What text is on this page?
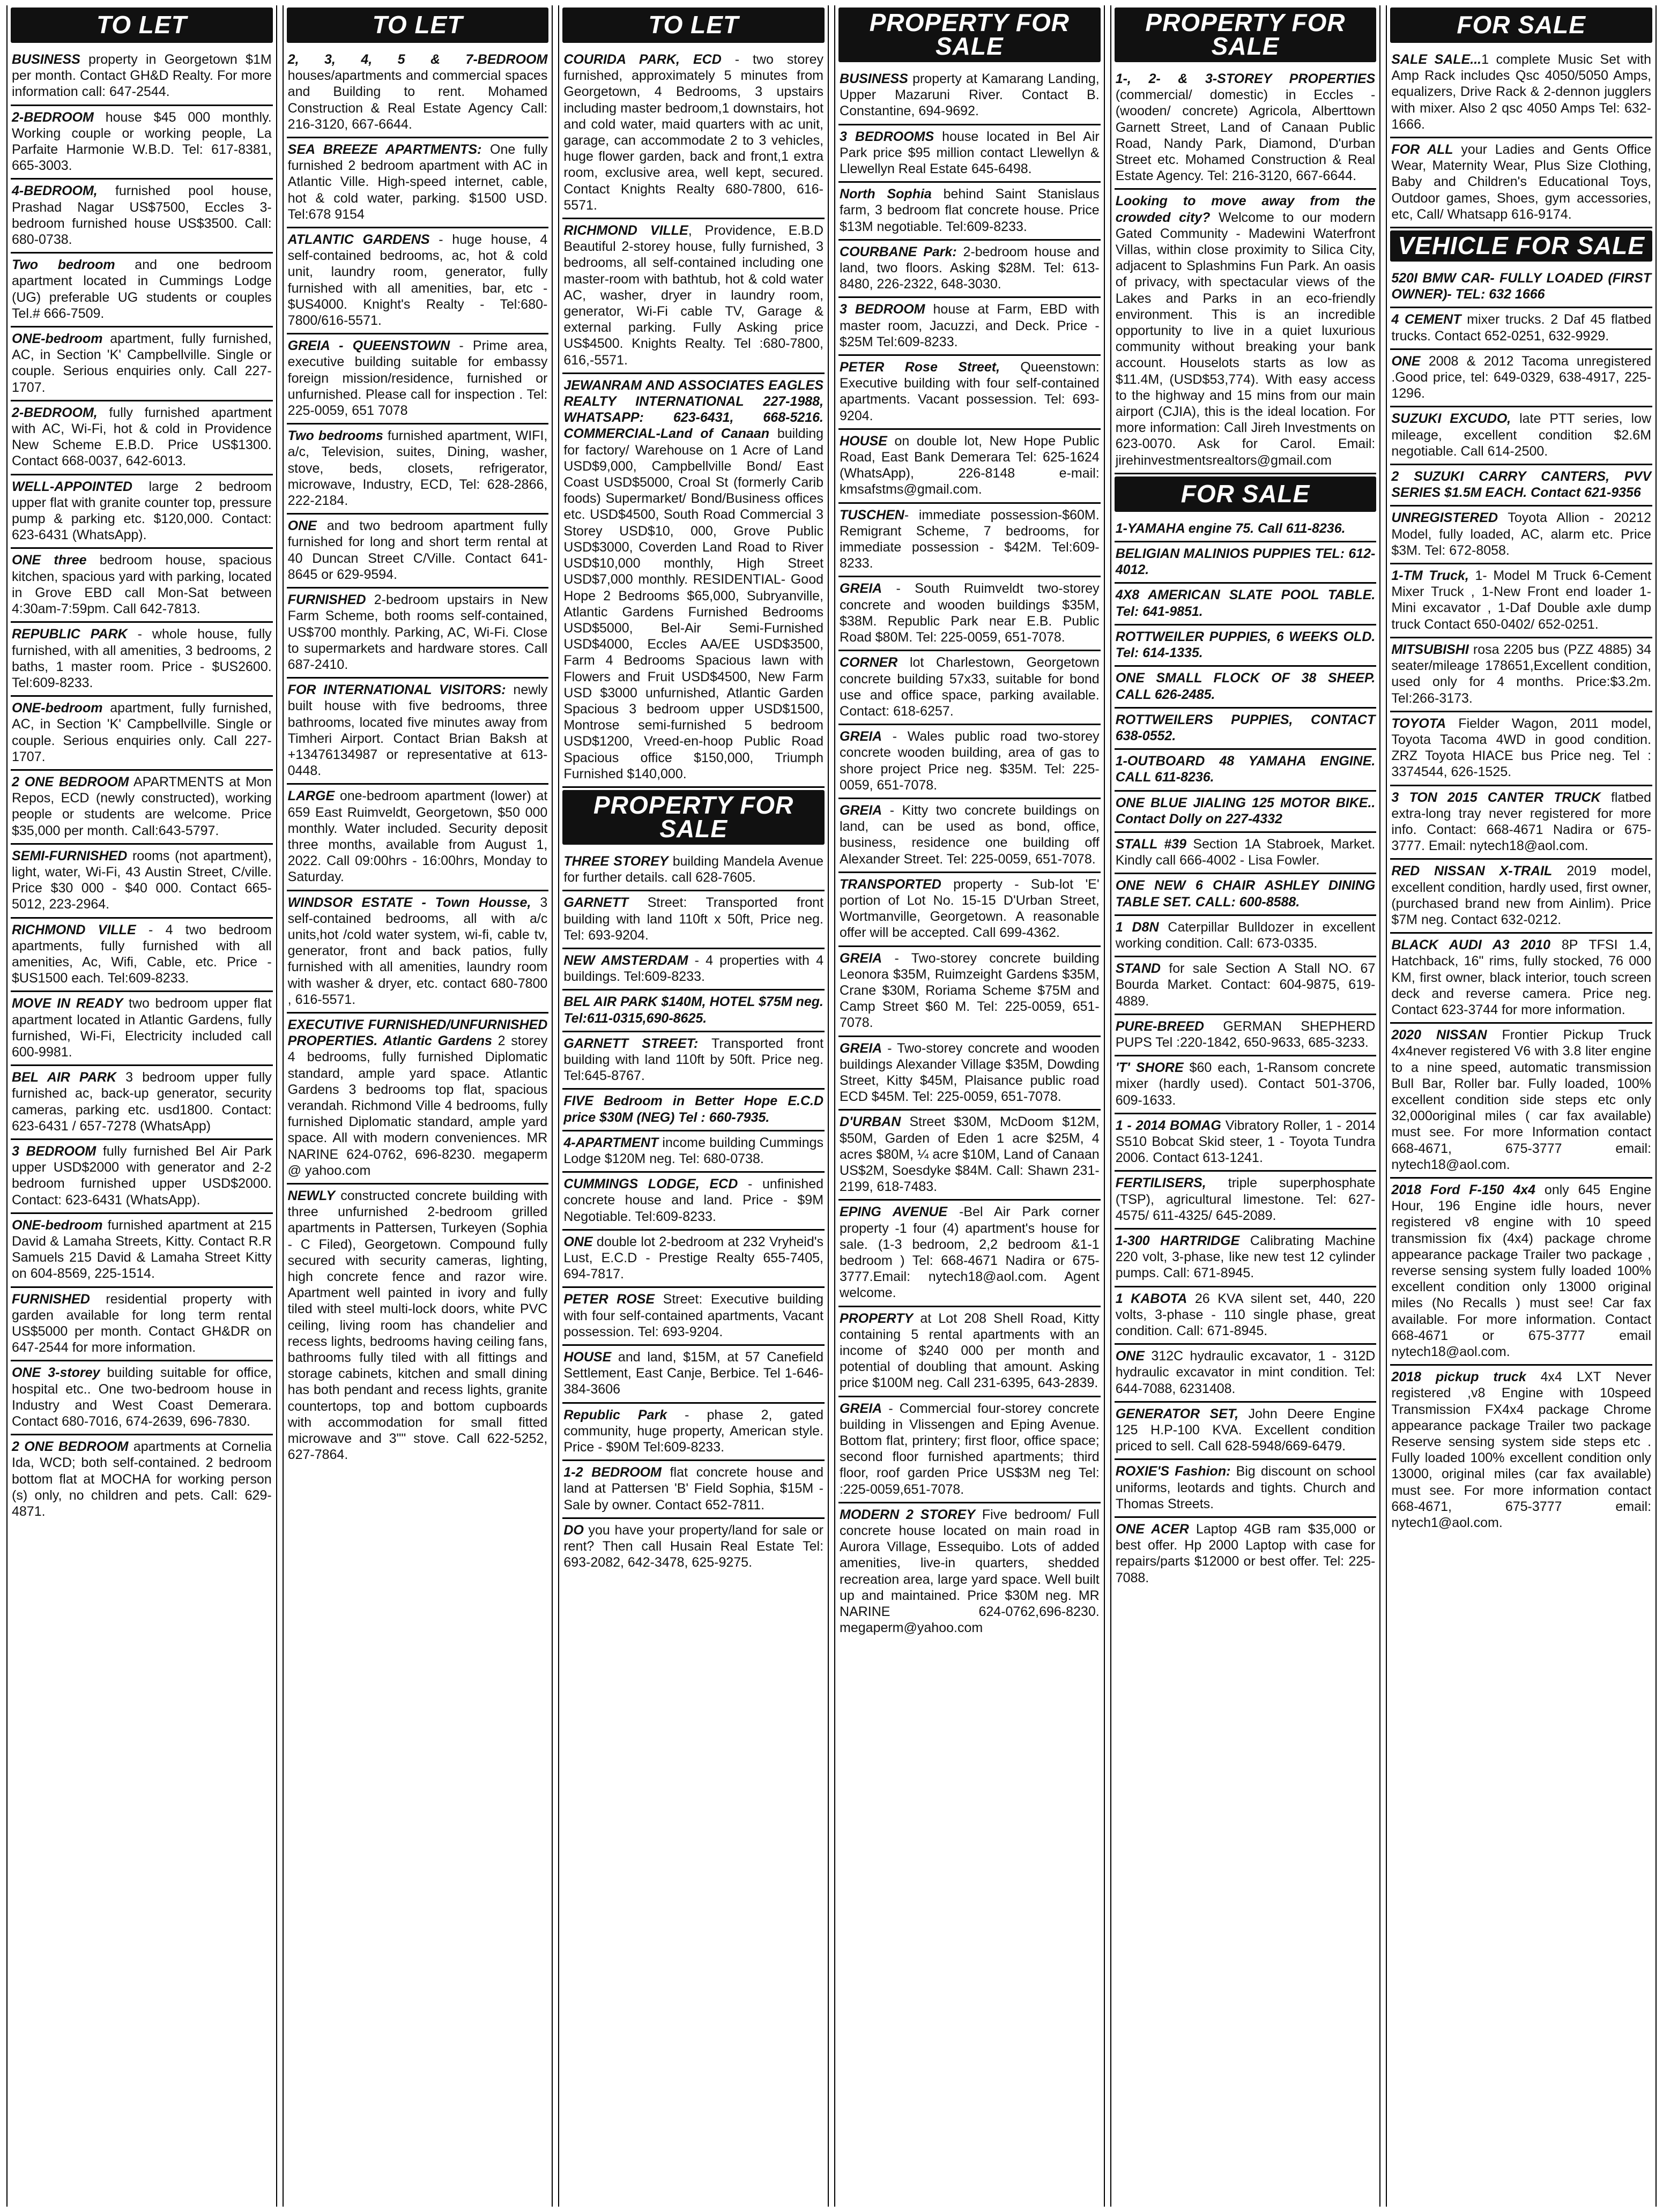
TO LET
BUSINESS property in Georgetown $1M per month. Contact GH&D Realty. For more information call: 647-2544.
2-BEDROOM house $45 000 monthly. Working couple or working people, La Parfaite Harmonie W.B.D. Tel: 617-8381, 665-3003.
4-BEDROOM, furnished pool house, Prashad Nagar US$7500, Eccles 3-bedroom furnished house US$3500. Call: 680-0738.
Two bedroom and one bedroom apartment located in Cummings Lodge (UG) preferable UG students or couples Tel.# 666-7509.
ONE-bedroom apartment, fully furnished, AC, in Section 'K' Campbellville. Single or couple. Serious enquiries only. Call 227-1707.
2-BEDROOM, fully furnished apartment with AC, Wi-Fi, hot & cold in Providence New Scheme E.B.D. Price US$1300. Contact 668-0037, 642-6013.
WELL-APPOINTED large 2 bedroom upper flat with granite counter top, pressure pump & parking etc. $120,000. Contact: 623-6431 (WhatsApp).
ONE three bedroom house, spacious kitchen, spacious yard with parking, located in Grove EBD call Mon-Sat between 4:30am-7:59pm. Call 642-7813.
REPUBLIC PARK - whole house, fully furnished, with all amenities, 3 bedrooms, 2 baths, 1 master room. Price - $US2600. Tel:609-8233.
ONE-bedroom apartment, fully furnished, AC, in Section 'K' Campbellville. Single or couple. Serious enquiries only. Call 227-1707.
2 ONE BEDROOM APARTMENTS at Mon Repos, ECD (newly constructed), working people or students are welcome. Price $35,000 per month. Call:643-5797.
SEMI-FURNISHED rooms (not apartment), light, water, Wi-Fi, 43 Austin Street, C/ville. Price $30 000 - $40 000. Contact 665-5012, 223-2964.
RICHMOND VILLE - 4 two bedroom apartments, fully furnished with all amenities, Ac, Wifi, Cable, etc. Price - $US1500 each. Tel:609-8233.
MOVE IN READY two bedroom upper flat apartment located in Atlantic Gardens, fully furnished, Wi-Fi, Electricity included call 600-9981.
BEL AIR PARK 3 bedroom upper fully furnished ac, back-up generator, security cameras, parking etc. usd1800. Contact: 623-6431 / 657-7278 (WhatsApp)
3 BEDROOM fully furnished Bel Air Park upper USD$2000 with generator and 2-2 bedroom furnished upper USD$2000. Contact: 623-6431 (WhatsApp).
ONE-bedroom furnished apartment at 215 David & Lamaha Streets, Kitty. Contact R.R Samuels 215 David & Lamaha Street Kitty on 604-8569, 225-1514.
FURNISHED residential property with garden available for long term rental US$5000 per month. Contact GH&DR on 647-2544 for more information.
ONE 3-storey building suitable for office, hospital etc.. One two-bedroom house in Industry and West Coast Demerara. Contact 680-7016, 674-2639, 696-7830.
2 ONE BEDROOM apartments at Cornelia Ida, WCD; both self-contained. 2 bedroom bottom flat at MOCHA for working person (s) only, no children and pets. Call: 629-4871.
TO LET
2, 3, 4, 5 & 7-BEDROOM houses/apartments and commercial spaces and Building to rent. Mohamed Construction & Real Estate Agency Call: 216-3120, 667-6644.
SEA BREEZE APARTMENTS: One fully furnished 2 bedroom apartment with AC in Atlantic Ville. High-speed internet, cable, hot & cold water, parking. $1500 USD. Tel:678 9154
ATLANTIC GARDENS - huge house, 4 self-contained bedrooms, ac, hot & cold unit, laundry room, generator, fully furnished with all amenities, bar, etc - $US4000. Knight's Realty - Tel:680-7800/616-5571.
GREIA - QUEENSTOWN - Prime area, executive building suitable for embassy foreign mission/residence, furnished or unfurnished. Please call for inspection . Tel: 225-0059, 651 7078
Two bedrooms furnished apartment, WIFI, a/c, Television, suites, Dining, washer, stove, beds, closets, refrigerator, microwave, Industry, ECD, Tel: 628-2866, 222-2184.
ONE and two bedroom apartment fully furnished for long and short term rental at 40 Duncan Street C/Ville. Contact 641-8645 or 629-9594.
FURNISHED 2-bedroom upstairs in New Farm Scheme, both rooms self-contained, US$700 monthly. Parking, AC, Wi-Fi. Close to supermarkets and hardware stores. Call 687-2410.
FOR INTERNATIONAL VISITORS: newly built house with five bedrooms, three bathrooms, located five minutes away from Timheri Airport. Contact Brian Baksh at +13476134987 or representative at 613-0448.
LARGE one-bedroom apartment (lower) at 659 East Ruimveldt, Georgetown, $50 000 monthly. Water included. Security deposit three months, available from August 1, 2022. Call 09:00hrs - 16:00hrs, Monday to Saturday.
WINDSOR ESTATE - Town Housse, 3 self-contained bedrooms, all with a/c units,hot /cold water system, wi-fi, cable tv, generator, front and back patios, fully furnished with all amenities, laundry room with washer & dryer, etc. contact 680-7800 , 616-5571.
EXECUTIVE FURNISHED/UNFURNISHED PROPERTIES. Atlantic Gardens 2 storey 4 bedrooms, fully furnished Diplomatic standard, ample yard space. Atlantic Gardens 3 bedrooms top flat, spacious verandah. Richmond Ville 4 bedrooms, fully furnished Diplomatic standard, ample yard space. All with modern conveniences. MR NARINE 624-0762, 696-8230. megaperm @ yahoo.com
NEWLY constructed concrete building with three unfurnished 2-bedroom grilled apartments in Pattersen, Turkeyen (Sophia - C Filed), Georgetown. Compound fully secured with security cameras, lighting, high concrete fence and razor wire. Apartment well painted in ivory and fully tiled with steel multi-lock doors, white PVC ceiling, living room has chandelier and recess lights, bedrooms having ceiling fans, bathrooms fully tiled with all fittings and storage cabinets, kitchen and small dining has both pendant and recess lights, granite countertops, top and bottom cupboards with accommodation for small fitted microwave and 3"" stove. Call 622-5252, 627-7864.
TO LET
COURIDA PARK, ECD - two storey furnished, approximately 5 minutes from Georgetown, 4 Bedrooms, 3 upstairs including master bedroom,1 downstairs, hot and cold water, maid quarters with ac unit, garage, can accommodate 2 to 3 vehicles, huge flower garden, back and front,1 extra room, exclusive area, well kept, secured. Contact Knights Realty 680-7800, 616-5571.
RICHMOND VILLE, Providence, E.B.D Beautiful 2-storey house, fully furnished, 3 bedrooms, all self-contained including one master-room with bathtub, hot & cold water AC, washer, dryer in laundry room, generator, Wi-Fi cable TV, Garage & external parking. Fully Asking price US$4500. Knights Realty. Tel :680-7800, 616,-5571.
JEWANRAM AND ASSOCIATES EAGLES REALTY INTERNATIONAL 227-1988, WHATSAPP: 623-6431, 668-5216. COMMERCIAL-Land of Canaan building for factory/ Warehouse on 1 Acre of Land USD$9,000, Campbellville Bond/ East Coast USD$5000, Croal St (formerly Carib foods) Supermarket/ Bond/Business offices etc. USD$4500, South Road Commercial 3 Storey USD$10, 000, Grove Public USD$3000, Coverden Land Road to River USD$10,000 monthly, High Street USD$7,000 monthly. RESIDENTIAL- Good Hope 2 Bedrooms $65,000, Subryanville, Atlantic Gardens Furnished Bedrooms USD$5000, Bel-Air Semi-Furnished USD$4000, Eccles AA/EE USD$3500, Farm 4 Bedrooms Spacious lawn with Flowers and Fruit USD$4500, New Farm USD $3000 unfurnished, Atlantic Garden Spacious 3 bedroom upper USD$1500, Montrose semi-furnished 5 bedroom USD$1200, Vreed-en-hoop Public Road Spacious office $150,000, Triumph Furnished $140,000.
PROPERTY FOR SALE
THREE STOREY building Mandela Avenue for further details. call 628-7605.
GARNETT Street: Transported front building with land 110ft x 50ft, Price neg. Tel: 693-9204.
NEW AMSTERDAM - 4 properties with 4 buildings. Tel:609-8233.
BEL AIR PARK $140M, HOTEL $75M neg. Tel:611-0315,690-8625.
GARNETT STREET: Transported front building with land 110ft by 50ft. Price neg. Tel:645-8767.
FIVE Bedroom in Better Hope E.C.D price $30M (NEG) Tel : 660-7935.
4-APARTMENT income building Cummings Lodge $120M neg. Tel: 680-0738.
CUMMINGS LODGE, ECD - unfinished concrete house and land. Price - $9M Negotiable. Tel:609-8233.
ONE double lot 2-bedroom at 232 Vryheid's Lust, E.C.D - Prestige Realty 655-7405, 694-7817.
PETER ROSE Street: Executive building with four self-contained apartments, Vacant possession. Tel: 693-9204.
HOUSE and land, $15M, at 57 Canefield Settlement, East Canje, Berbice. Tel 1-646-384-3606
Republic Park - phase 2, gated community, huge property, American style. Price - $90M Tel:609-8233.
1-2 BEDROOM flat concrete house and land at Pattersen 'B' Field Sophia, $15M - Sale by owner. Contact 652-7811.
DO you have your property/land for sale or rent? Then call Husain Real Estate Tel: 693-2082, 642-3478, 625-9275.
PROPERTY FOR SALE
BUSINESS property at Kamarang Landing, Upper Mazaruni River. Contact B. Constantine, 694-9692.
3 BEDROOMS house located in Bel Air Park price $95 million contact Llewellyn & Llewellyn Real Estate 645-6498.
North Sophia behind Saint Stanislaus farm, 3 bedroom flat concrete house. Price $13M negotiable. Tel:609-8233.
COURBANE Park: 2-bedroom house and land, two floors. Asking $28M. Tel: 613-8480, 226-2322, 648-3030.
3 BEDROOM house at Farm, EBD with master room, Jacuzzi, and Deck. Price - $25M Tel:609-8233.
PETER Rose Street, Queenstown: Executive building with four self-contained apartments. Vacant possession. Tel: 693-9204.
HOUSE on double lot, New Hope Public Road, East Bank Demerara Tel: 625-1624 (WhatsApp), 226-8148 e-mail: kmsafstms@gmail.com.
TUSCHEN- immediate possession-$60M. Remigrant Scheme, 7 bedrooms, for immediate possession - $42M. Tel:609-8233.
GREIA - South Ruimveldt two-storey concrete and wooden buildings $35M, $38M. Republic Park near E.B. Public Road $80M. Tel: 225-0059, 651-7078.
CORNER lot Charlestown, Georgetown concrete building 57x33, suitable for bond use and office space, parking available. Contact: 618-6257.
GREIA - Wales public road two-storey concrete wooden building, area of gas to shore project Price neg. $35M. Tel: 225-0059, 651-7078.
GREIA - Kitty two concrete buildings on land, can be used as bond, office, business, residence one building off Alexander Street. Tel: 225-0059, 651-7078.
TRANSPORTED property - Sub-lot 'E' portion of Lot No. 15-15 D'Urban Street, Wortmanville, Georgetown. A reasonable offer will be accepted. Call 699-4362.
GREIA - Two-storey concrete building Leonora $35M, Ruimzeight Gardens $35M, Crane $30M, Roriama Scheme $75M and Camp Street $60 M. Tel: 225-0059, 651-7078.
GREIA - Two-storey concrete and wooden buildings Alexander Village $35M, Dowding Street, Kitty $45M, Plaisance public road ECD $45M. Tel: 225-0059, 651-7078.
D'URBAN Street $30M, McDoom $12M, $50M, Garden of Eden 1 acre $25M, 4 acres $80M, ¼ acre $10M, Land of Canaan US$2M, Soesdyke $84M. Call: Shawn 231-2199, 618-7483.
EPING AVENUE -Bel Air Park corner property -1 four (4) apartment's house for sale. (1-3 bedroom, 2,2 bedroom &1-1 bedroom ) Tel: 668-4671 Nadira or 675-3777.Email: nytech18@aol.com. Agent welcome.
PROPERTY at Lot 208 Shell Road, Kitty containing 5 rental apartments with an income of $240 000 per month and potential of doubling that amount. Asking price $100M neg. Call 231-6395, 643-2839.
GREIA - Commercial four-storey concrete building in Vlissengen and Eping Avenue. Bottom flat, printery; first floor, office space; second floor furnished apartments; third floor, roof garden Price US$3M neg Tel: :225-0059,651-7078.
MODERN 2 STOREY Five bedroom/ Full concrete house located on main road in Aurora Village, Essequibo. Lots of added amenities, live-in quarters, shedded recreation area, large yard space. Well built up and maintained. Price $30M neg. MR NARINE 624-0762,696-8230. megaperm@yahoo.com
PROPERTY FOR SALE
1-, 2- & 3-STOREY PROPERTIES (commercial/ domestic) in Eccles - (wooden/ concrete) Agricola, Alberttown Garnett Street, Land of Canaan Public Road, Nandy Park, Diamond, D'urban Street etc. Mohamed Construction & Real Estate Agency. Tel: 216-3120, 667-6644.
Looking to move away from the crowded city? Welcome to our modern Gated Community - Madewini Waterfront Villas, within close proximity to Silica City, adjacent to Splashmins Fun Park. An oasis of privacy, with spectacular views of the Lakes and Parks in an eco-friendly environment. This is an incredible opportunity to live in a quiet luxurious community without breaking your bank account. Houselots starts as low as $11.4M, (USD$53,774). With easy access to the highway and 15 mins from our main airport (CJIA), this is the ideal location. For more information: Call Jireh Investments on 623-0070. Ask for Carol. Email: jirehinvestmentsrealtors@gmail.com
FOR SALE
1-YAMAHA engine 75. Call 611-8236.
BELIGIAN MALINIOS PUPPIES TEL: 612-4012.
4X8 AMERICAN SLATE POOL TABLE. Tel: 641-9851.
ROTTWEILER PUPPIES, 6 WEEKS OLD. Tel: 614-1335.
ONE SMALL FLOCK OF 38 SHEEP. CALL 626-2485.
ROTTWEILERS PUPPIES, CONTACT 638-0552.
1-OUTBOARD 48 YAMAHA ENGINE. CALL 611-8236.
ONE BLUE JIALING 125 MOTOR BIKE.. Contact Dolly on 227-4332
STALL #39 Section 1A Stabroek, Market. Kindly call 666-4002 - Lisa Fowler.
ONE NEW 6 CHAIR ASHLEY DINING TABLE SET. CALL: 600-8588.
1 D8N Caterpillar Bulldozer in excellent working condition. Call: 673-0335.
STAND for sale Section A Stall NO. 67 Bourda Market. Contact: 604-9875, 619-4889.
PURE-BREED GERMAN SHEPHERD PUPS Tel :220-1842, 650-9633, 685-3233.
'T' SHORE $60 each, 1-Ransom concrete mixer (hardly used). Contact 501-3706, 609-1633.
1 - 2014 BOMAG Vibratory Roller, 1 - 2014 S510 Bobcat Skid steer, 1 - Toyota Tundra 2006. Contact 613-1241.
FERTILISERS, triple superphosphate (TSP), agricultural limestone. Tel: 627-4575/ 611-4325/ 645-2089.
1-300 HARTRIDGE Calibrating Machine 220 volt, 3-phase, like new test 12 cylinder pumps. Call: 671-8945.
1 KABOTA 26 KVA silent set, 440, 220 volts, 3-phase - 110 single phase, great condition. Call: 671-8945.
ONE 312C hydraulic excavator, 1 - 312D hydraulic excavator in mint condition. Tel: 644-7088, 6231408.
GENERATOR SET, John Deere Engine 125 H.P-100 KVA. Excellent condition priced to sell. Call 628-5948/669-6479.
ROXIE'S Fashion: Big discount on school uniforms, leotards and tights. Church and Thomas Streets.
ONE ACER Laptop 4GB ram $35,000 or best offer. Hp 2000 Laptop with case for repairs/parts $12000 or best offer. Tel: 225-7088.
FOR SALE
SALE SALE...1 complete Music Set with Amp Rack includes Qsc 4050/5050 Amps, equalizers, Drive Rack & 2-dennon jugglers with mixer. Also 2 qsc 4050 Amps Tel: 632-1666.
FOR ALL your Ladies and Gents Office Wear, Maternity Wear, Plus Size Clothing, Baby and Children's Educational Toys, Outdoor games, Shoes, gym accessories, etc, Call/ Whatsapp 616-9174.
VEHICLE FOR SALE
520I BMW CAR- FULLY LOADED (FIRST OWNER)- TEL: 632 1666
4 CEMENT mixer trucks. 2 Daf 45 flatbed trucks. Contact 652-0251, 632-9929.
ONE 2008 & 2012 Tacoma unregistered .Good price, tel: 649-0329, 638-4917, 225-1296.
SUZUKI EXCUDO, late PTT series, low mileage, excellent condition $2.6M negotiable. Call 614-2500.
2 SUZUKI CARRY CANTERS, PVV SERIES $1.5M EACH. Contact 621-9356
UNREGISTERED Toyota Allion - 20212 Model, fully loaded, AC, alarm etc. Price $3M. Tel: 672-8058.
1-TM Truck, 1- Model M Truck 6-Cement Mixer Truck , 1-New Front end loader 1-Mini excavator , 1-Daf Double axle dump truck Contact 650-0402/ 652-0251.
MITSUBISHI rosa 2205 bus (PZZ 4885) 34 seater/mileage 178651,Excellent condition, used only for 4 months. Price:$3.2m. Tel:266-3173.
TOYOTA Fielder Wagon, 2011 model, Toyota Tacoma 4WD in good condition. ZRZ Toyota HIACE bus Price neg. Tel : 3374544, 626-1525.
3 TON 2015 CANTER TRUCK flatbed extra-long tray never registered for more info. Contact: 668-4671 Nadira or 675-3777. Email: nytech18@aol.com.
RED NISSAN X-TRAIL 2019 model, excellent condition, hardly used, first owner, (purchased brand new from Ainlim). Price $7M neg. Contact 632-0212.
BLACK AUDI A3 2010 8P TFSI 1.4, Hatchback, 16" rims, fully stocked, 76 000 KM, first owner, black interior, touch screen deck and reverse camera. Price neg. Contact 623-3744 for more information.
2020 NISSAN Frontier Pickup Truck 4x4never registered V6 with 3.8 liter engine to a nine speed, automatic transmission Bull Bar, Roller bar. Fully loaded, 100% excellent condition side steps etc only 32,000original miles ( car fax available) must see. For more Information contact 668-4671, 675-3777 email: nytech18@aol.com.
2018 Ford F-150 4x4 only 645 Engine Hour, 196 Engine idle hours, never registered v8 engine with 10 speed transmission fix (4x4) package chrome appearance package Trailer two package , reverse sensing system fully loaded 100% excellent condition only 13000 original miles (No Recalls ) must see! Car fax available. For more information. Contact 668-4671 or 675-3777 email nytech18@aol.com.
2018 pickup truck 4x4 LXT Never registered ,v8 Engine with 10speed Transmission FX4x4 package Chrome appearance package Trailer two package Reserve sensing system side steps etc . Fully loaded 100% excellent condition only 13000, original miles (car fax available) must see. For more information contact 668-4671, 675-3777 email: nytech1@aol.com.
